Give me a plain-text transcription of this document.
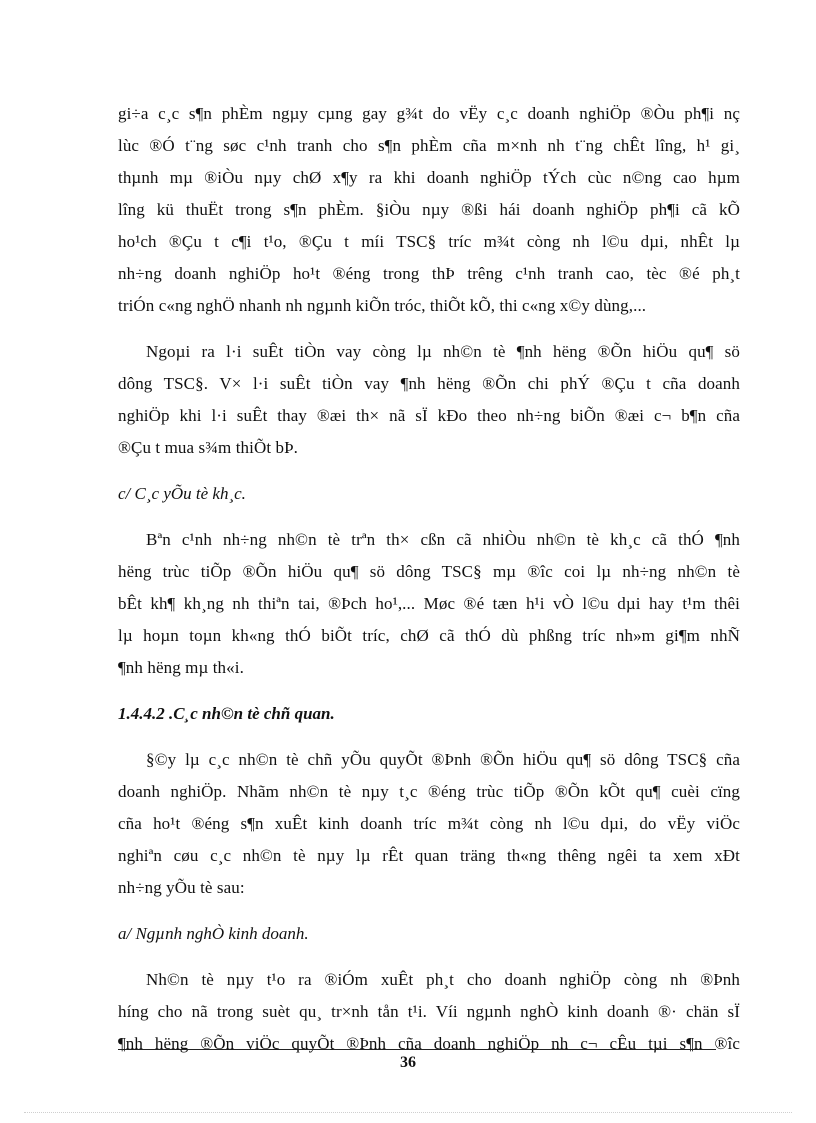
gi÷a c¸c s¶n phÈm ngµy cµng gay g¾t do vËy c¸c doanh nghiÖp ®Òu ph¶i nç
lùc ®Ó t¨ng søc c¹nh tranh cho s¶n phÈm cña m×nh nh t¨ng chÊt lîng, h¹ gi¸
thµnh mµ ®iÒu nµy chØ x¶y ra khi doanh nghiÖp tÝch cùc n©ng cao hµm
lîng kü thuËt trong s¶n phÈm. §iÒu nµy ®ßi hái doanh nghiÖp ph¶i cã kÕ
ho¹ch ®Çu t c¶i t¹o, ®Çu t míi TSC§ tríc m¾t còng nh l©u dµi, nhÊt lµ
nh÷ng doanh nghiÖp ho¹t ®éng trong thÞ trêng c¹nh tranh cao, tèc ®é ph¸t
triÓn c«ng nghÖ nhanh nh ngµnh kiÕn tróc, thiÕt kÕ, thi c«ng x©y dùng,...
Ngoµi ra l·i suÊt tiÒn vay còng lµ nh©n tè ¶nh hëng ®Õn hiÖu qu¶ sö
dông TSC§. V× l·i suÊt tiÒn vay ¶nh hëng ®Õn chi phÝ ®Çu t cña doanh
nghiÖp khi l·i suÊt thay ®æi th× nã sÏ kÐo theo nh÷ng biÕn ®æi c¬ b¶n cña
®Çu t mua s¾m thiÕt bÞ.
c/ C¸c yÕu tè kh¸c.
Bªn c¹nh nh÷ng nh©n tè trªn th× cßn cã nhiÒu nh©n tè kh¸c cã thÓ ¶nh
hëng trùc tiÕp ®Õn hiÖu qu¶ sö dông TSC§ mµ ®îc coi lµ nh÷ng nh©n tè
bÊt kh¶ kh¸ng nh thiªn tai, ®Þch ho¹,... Møc ®é tæn h¹i vÒ l©u dµi hay t¹m thêi
lµ hoµn toµn kh«ng thÓ biÕt tríc, chØ cã thÓ dù phßng tríc nh»m gi¶m nhÑ
¶nh hëng mµ th«i.
1.4.4.2 .C¸c nh©n tè chñ quan.
§©y lµ c¸c nh©n tè chñ yÕu quyÕt ®Þnh ®Õn hiÖu qu¶ sö dông TSC§ cña
doanh nghiÖp. Nhãm nh©n tè nµy t¸c ®éng trùc tiÕp ®Õn kÕt qu¶ cuèi cïng
cña ho¹t ®éng s¶n xuÊt kinh doanh tríc m¾t còng nh l©u dµi, do vËy viÖc
nghiªn cøu c¸c nh©n tè nµy lµ rÊt quan träng th«ng thêng ngêi ta xem xÐt
nh÷ng yÕu tè sau:
a/ Ngµnh nghÒ kinh doanh.
Nh©n tè nµy t¹o ra ®iÓm xuÊt ph¸t cho doanh nghiÖp còng nh ®Þnh
híng cho nã trong suèt qu¸ tr×nh tån t¹i. Víi ngµnh nghÒ kinh doanh ®· chän sÏ
¶nh hëng ®Õn viÖc quyÕt ®Þnh cña doanh nghiÖp nh c¬ cÊu tµi s¶n ®îc
36
